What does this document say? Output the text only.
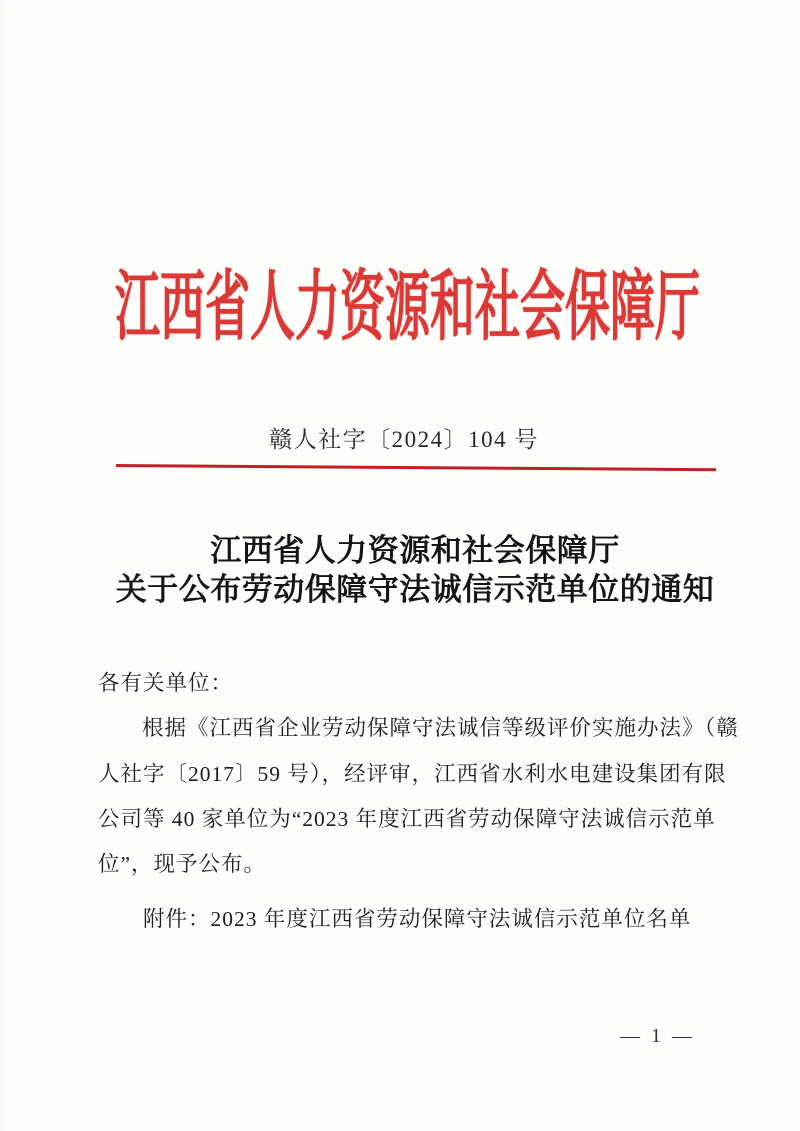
江西省人力资源和社会保障厅
赣人社字〔2024〕104 号
江西省人力资源和社会保障厅
关于公布劳动保障守法诚信示范单位的通知
各有关单位：
根据《江西省企业劳动保障守法诚信等级评价实施办法》（赣
人社字〔2017〕59 号），经评审，江西省水利水电建设集团有限
公司等 40 家单位为“2023 年度江西省劳动保障守法诚信示范单
位”，现予公布。
附件：2023 年度江西省劳动保障守法诚信示范单位名单
— 1 —
